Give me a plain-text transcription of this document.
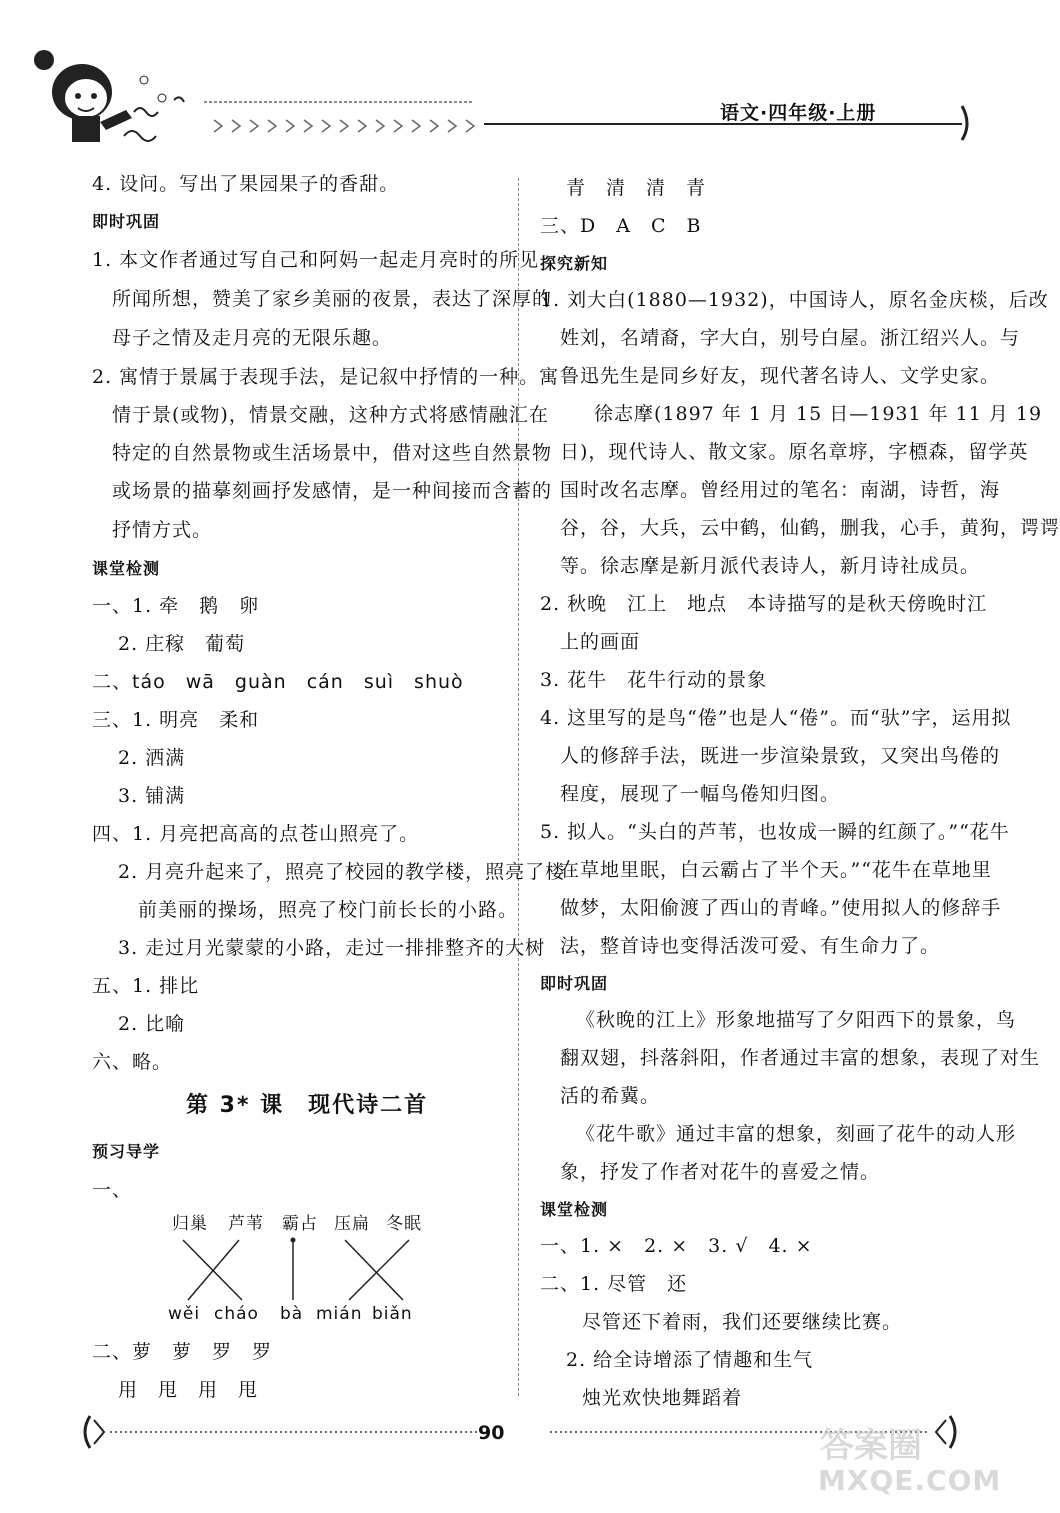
语文·四年级·上册
4. 设问。写出了果园果子的香甜。
即时巩固
1. 本文作者通过写自己和阿妈一起走月亮时的所见
所闻所想，赞美了家乡美丽的夜景，表达了深厚的
母子之情及走月亮的无限乐趣。
2. 寓情于景属于表现手法，是记叙中抒情的一种。寓
情于景(或物)，情景交融，这种方式将感情融汇在
特定的自然景物或生活场景中，借对这些自然景物
或场景的描摹刻画抒发感情，是一种间接而含蓄的
抒情方式。
课堂检测
一、1. 牵　鹅　卵
2. 庄稼　葡萄
二、táo　wā　guàn　cán　suì　shuò
三、1. 明亮　柔和
2. 洒满
3. 铺满
四、1. 月亮把高高的点苍山照亮了。
2. 月亮升起来了，照亮了校园的教学楼，照亮了楼
前美丽的操场，照亮了校门前长长的小路。
3. 走过月光蒙蒙的小路，走过一排排整齐的大树
五、1. 排比
2. 比喻
六、略。
第 3* 课　现代诗二首
预习导学
一、
归巢 芦苇 霸占 压扁 冬眠
wěi cháo bà mián biǎn
二、萝　萝　罗　罗
用　甩　用　甩
青　清　清　青
三、D　A　C　B
探究新知
1. 刘大白(1880—1932)，中国诗人，原名金庆棪，后改
姓刘，名靖裔，字大白，别号白屋。浙江绍兴人。与
鲁迅先生是同乡好友，现代著名诗人、文学史家。
徐志摩(1897 年 1 月 15 日—1931 年 11 月 19
日)，现代诗人、散文家。原名章垿，字槱森，留学英
国时改名志摩。曾经用过的笔名：南湖，诗哲，海
谷，谷，大兵，云中鹤，仙鹤，删我，心手，黄狗，谔谔
等。徐志摩是新月派代表诗人，新月诗社成员。
2. 秋晚　江上　地点　本诗描写的是秋天傍晚时江
上的画面
3. 花牛　花牛行动的景象
4. 这里写的是鸟“倦”也是人“倦”。而“驮”字，运用拟
人的修辞手法，既进一步渲染景致，又突出鸟倦的
程度，展现了一幅鸟倦知归图。
5. 拟人。“头白的芦苇，也妆成一瞬的红颜了。”“花牛
在草地里眠，白云霸占了半个天。”“花牛在草地里
做梦，太阳偷渡了西山的青峰。”使用拟人的修辞手
法，整首诗也变得活泼可爱、有生命力了。
即时巩固
《秋晚的江上》形象地描写了夕阳西下的景象，鸟
翻双翅，抖落斜阳，作者通过丰富的想象，表现了对生
活的希冀。
《花牛歌》通过丰富的想象，刻画了花牛的动人形
象，抒发了作者对花牛的喜爱之情。
课堂检测
一、1. ×　2. ×　3. √　4. ×
二、1. 尽管　还
尽管还下着雨，我们还要继续比赛。
2. 给全诗增添了情趣和生气
烛光欢快地舞蹈着
90	答案圈
MXQE.COM
